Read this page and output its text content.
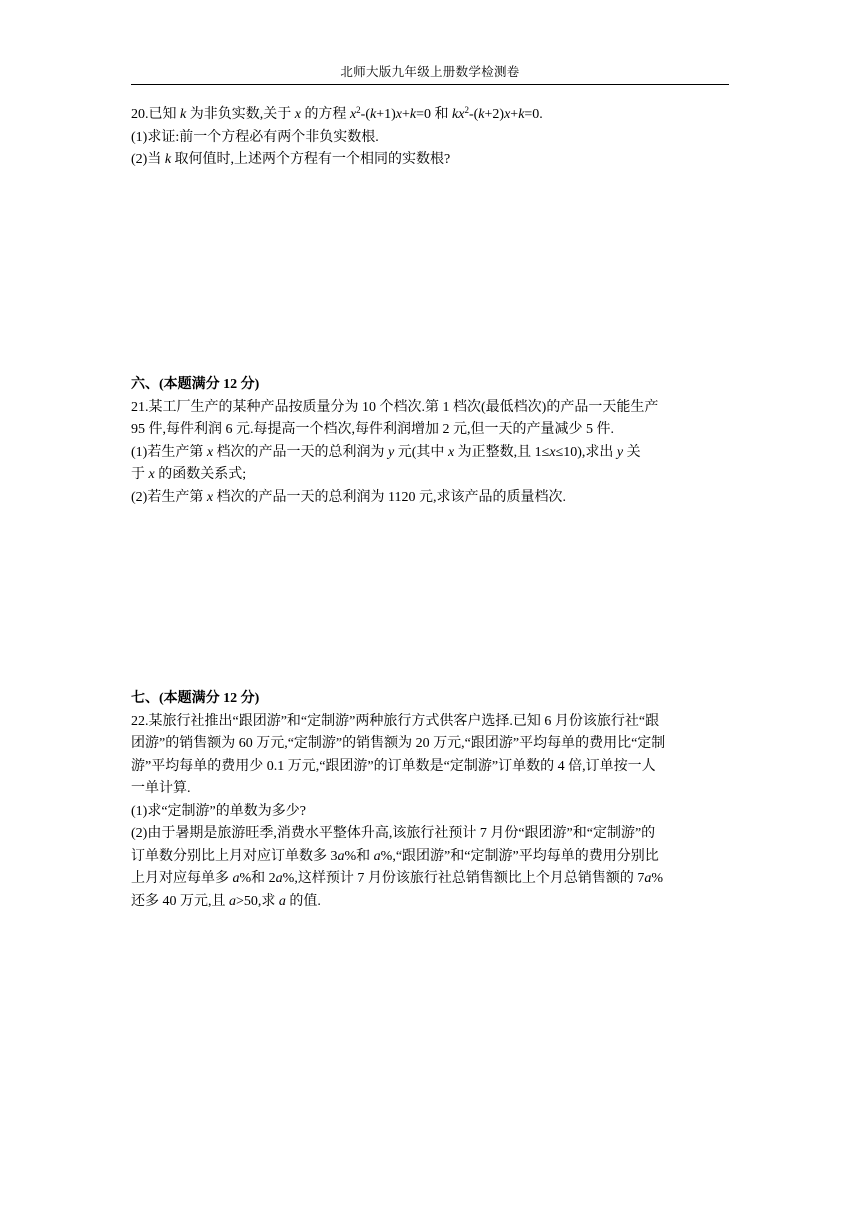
北师大版九年级上册数学检测卷

20.已知 k 为非负实数,关于 x 的方程 $x^2-(k+1)x+k=0$ 和 $kx^2-(k+2)x+k=0$.

(1)求证:前一个方程必有两个非负实数根.

(2)当 k 取何值时,上述两个方程有一个相同的实数根?

六、(本题满分 12 分)

21.某工厂生产的某种产品按质量分为 10 个档次.第 1 档次(最低档次)的产品一天能生产

95 件,每件利润 6 元.每提高一个档次,每件利润增加 2 元,但一天的产量减少 5 件.

(1)若生产第 x 档次的产品一天的总利润为 y 元(其中 x 为正整数,且 1≤x≤10),求出 y 关

于 x 的函数关系式;

(2)若生产第 x 档次的产品一天的总利润为 1120 元,求该产品的质量档次.

七、(本题满分 12 分)

22.某旅行社推出“跟团游”和“定制游”两种旅行方式供客户选择.已知 6 月份该旅行社“跟

团游”的销售额为 60 万元,“定制游”的销售额为 20 万元,“跟团游”平均每单的费用比“定制

游”平均每单的费用少 0.1 万元,“跟团游”的订单数是“定制游”订单数的 4 倍,订单按一人

一单计算.

(1)求“定制游”的单数为多少?

(2)由于暑期是旅游旺季,消费水平整体升高,该旅行社预计 7 月份“跟团游”和“定制游”的

订单数分别比上月对应订单数多 3a%和 a%,“跟团游”和“定制游”平均每单的费用分别比

上月对应每单多 a%和 2a%,这样预计 7 月份该旅行社总销售额比上个月总销售额的 7a%

还多 40 万元,且 a>50,求 a 的值.
